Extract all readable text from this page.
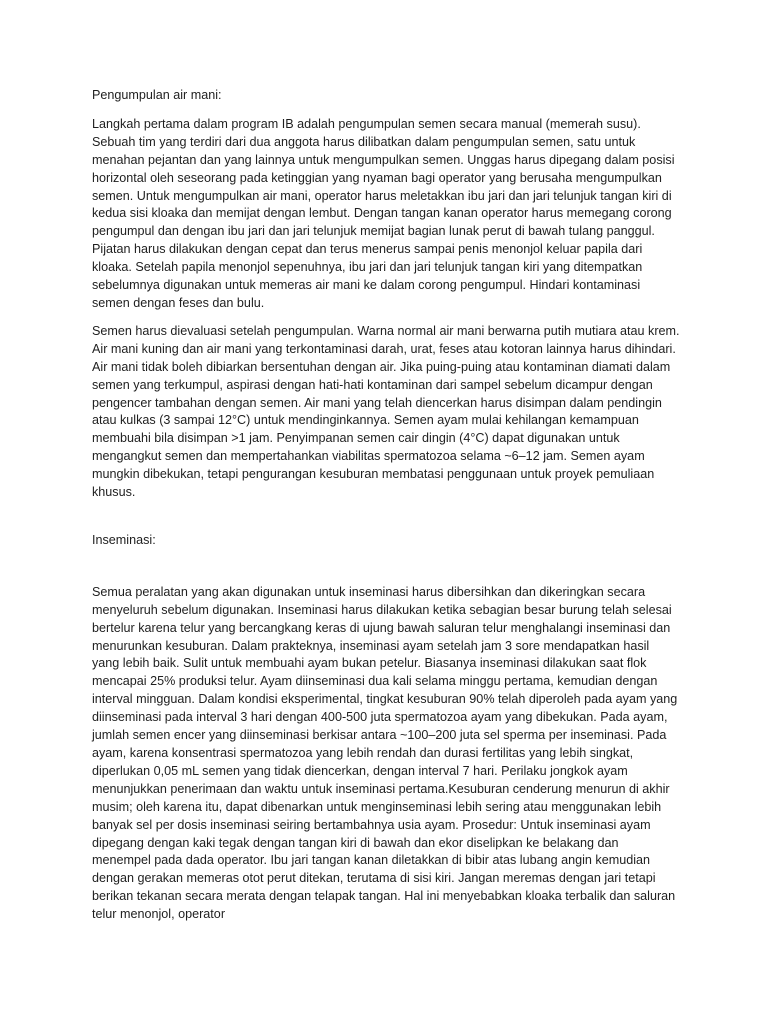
Pengumpulan air mani:

Langkah pertama dalam program IB adalah pengumpulan semen secara manual (memerah susu). Sebuah tim yang terdiri dari dua anggota harus dilibatkan dalam pengumpulan semen, satu untuk menahan pejantan dan yang lainnya untuk mengumpulkan semen. Unggas harus dipegang dalam posisi horizontal oleh seseorang pada ketinggian yang nyaman bagi operator yang berusaha mengumpulkan semen. Untuk mengumpulkan air mani, operator harus meletakkan ibu jari dan jari telunjuk tangan kiri di kedua sisi kloaka dan memijat dengan lembut. Dengan tangan kanan operator harus memegang corong pengumpul dan dengan ibu jari dan jari telunjuk memijat bagian lunak perut di bawah tulang panggul. Pijatan harus dilakukan dengan cepat dan terus menerus sampai penis menonjol keluar papila dari kloaka. Setelah papila menonjol sepenuhnya, ibu jari dan jari telunjuk tangan kiri yang ditempatkan sebelumnya digunakan untuk memeras air mani ke dalam corong pengumpul. Hindari kontaminasi semen dengan feses dan bulu.

Semen harus dievaluasi setelah pengumpulan. Warna normal air mani berwarna putih mutiara atau krem. Air mani kuning dan air mani yang terkontaminasi darah, urat, feses atau kotoran lainnya harus dihindari. Air mani tidak boleh dibiarkan bersentuhan dengan air. Jika puing-puing atau kontaminan diamati dalam semen yang terkumpul, aspirasi dengan hati-hati kontaminan dari sampel sebelum dicampur dengan pengencer tambahan dengan semen. Air mani yang telah diencerkan harus disimpan dalam pendingin atau kulkas (3 sampai 12°C) untuk mendinginkannya. Semen ayam mulai kehilangan kemampuan membuahi bila disimpan >1 jam. Penyimpanan semen cair dingin (4°C) dapat digunakan untuk mengangkut semen dan mempertahankan viabilitas spermatozoa selama ~6–12 jam. Semen ayam mungkin dibekukan, tetapi pengurangan kesuburan membatasi penggunaan untuk proyek pemuliaan khusus.

Inseminasi:

Semua peralatan yang akan digunakan untuk inseminasi harus dibersihkan dan dikeringkan secara menyeluruh sebelum digunakan. Inseminasi harus dilakukan ketika sebagian besar burung telah selesai bertelur karena telur yang bercangkang keras di ujung bawah saluran telur menghalangi inseminasi dan menurunkan kesuburan. Dalam prakteknya, inseminasi ayam setelah jam 3 sore mendapatkan hasil yang lebih baik. Sulit untuk membuahi ayam bukan petelur. Biasanya inseminasi dilakukan saat flok mencapai 25% produksi telur. Ayam diinseminasi dua kali selama minggu pertama, kemudian dengan interval mingguan. Dalam kondisi eksperimental, tingkat kesuburan 90% telah diperoleh pada ayam yang diinseminasi pada interval 3 hari dengan 400-500 juta spermatozoa ayam yang dibekukan. Pada ayam, jumlah semen encer yang diinseminasi berkisar antara ~100–200 juta sel sperma per inseminasi. Pada ayam, karena konsentrasi spermatozoa yang lebih rendah dan durasi fertilitas yang lebih singkat, diperlukan 0,05 mL semen yang tidak diencerkan, dengan interval 7 hari. Perilaku jongkok ayam menunjukkan penerimaan dan waktu untuk inseminasi pertama.Kesuburan cenderung menurun di akhir musim; oleh karena itu, dapat dibenarkan untuk menginseminasi lebih sering atau menggunakan lebih banyak sel per dosis inseminasi seiring bertambahnya usia ayam. Prosedur: Untuk inseminasi ayam dipegang dengan kaki tegak dengan tangan kiri di bawah dan ekor diselipkan ke belakang dan menempel pada dada operator. Ibu jari tangan kanan diletakkan di bibir atas lubang angin kemudian dengan gerakan memeras otot perut ditekan, terutama di sisi kiri. Jangan meremas dengan jari tetapi berikan tekanan secara merata dengan telapak tangan. Hal ini menyebabkan kloaka terbalik dan saluran telur menonjol, operator
